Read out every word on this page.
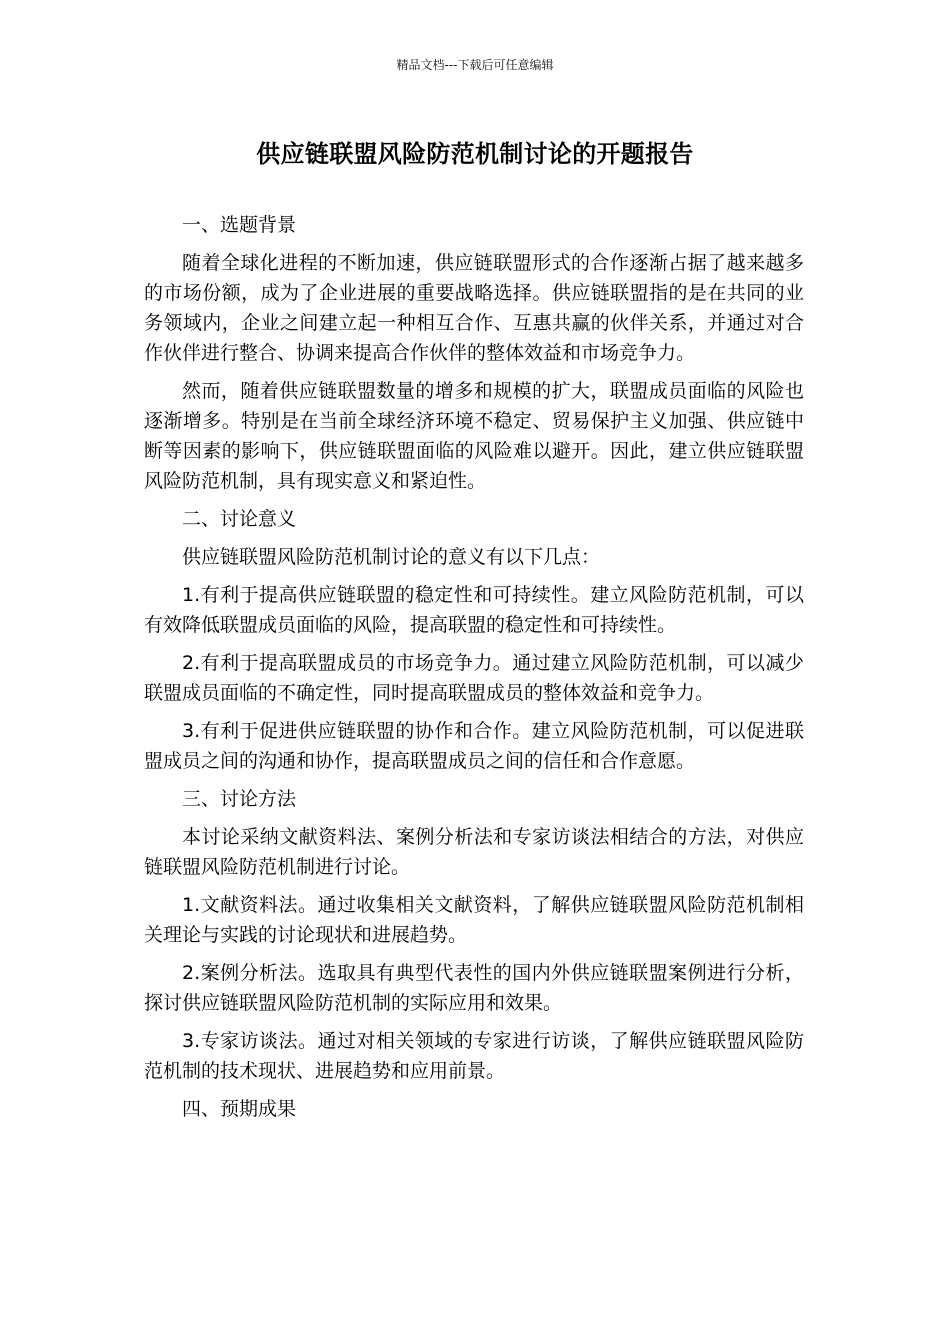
精品文档---下载后可任意编辑
供应链联盟风险防范机制讨论的开题报告
一、选题背景

随着全球化进程的不断加速，供应链联盟形式的合作逐渐占据了越来越多的市场份额，成为了企业进展的重要战略选择。供应链联盟指的是在共同的业务领域内，企业之间建立起一种相互合作、互惠共赢的伙伴关系，并通过对合作伙伴进行整合、协调来提高合作伙伴的整体效益和市场竞争力。

然而，随着供应链联盟数量的增多和规模的扩大，联盟成员面临的风险也逐渐增多。特别是在当前全球经济环境不稳定、贸易保护主义加强、供应链中断等因素的影响下，供应链联盟面临的风险难以避开。因此，建立供应链联盟风险防范机制，具有现实意义和紧迫性。

二、讨论意义

供应链联盟风险防范机制讨论的意义有以下几点：

1.有利于提高供应链联盟的稳定性和可持续性。建立风险防范机制，可以有效降低联盟成员面临的风险，提高联盟的稳定性和可持续性。

2.有利于提高联盟成员的市场竞争力。通过建立风险防范机制，可以减少联盟成员面临的不确定性，同时提高联盟成员的整体效益和竞争力。

3.有利于促进供应链联盟的协作和合作。建立风险防范机制，可以促进联盟成员之间的沟通和协作，提高联盟成员之间的信任和合作意愿。

三、讨论方法

本讨论采纳文献资料法、案例分析法和专家访谈法相结合的方法，对供应链联盟风险防范机制进行讨论。

1.文献资料法。通过收集相关文献资料，了解供应链联盟风险防范机制相关理论与实践的讨论现状和进展趋势。

2.案例分析法。选取具有典型代表性的国内外供应链联盟案例进行分析，探讨供应链联盟风险防范机制的实际应用和效果。

3.专家访谈法。通过对相关领域的专家进行访谈，了解供应链联盟风险防范机制的技术现状、进展趋势和应用前景。

四、预期成果
